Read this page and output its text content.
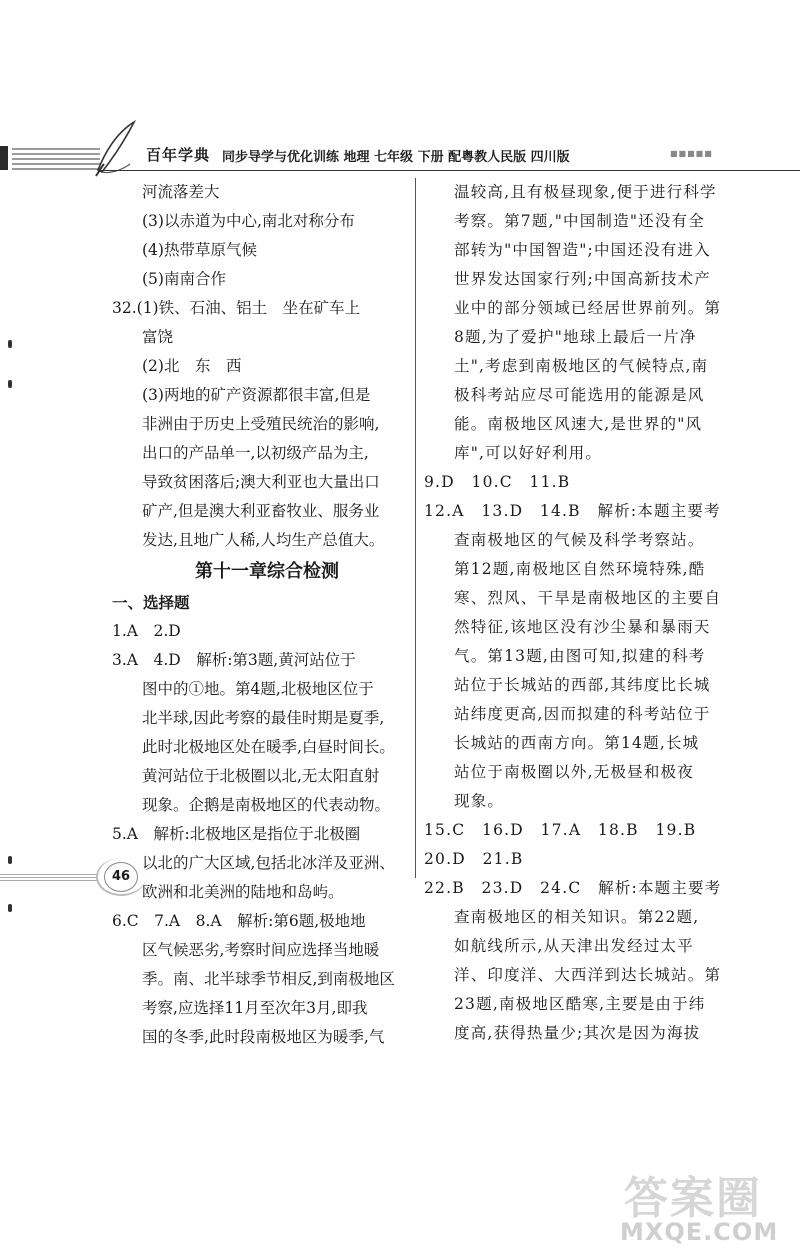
百年学典 同步导学与优化训练 地理 七年级 下册 配粤教人民版 四川版	■■■■■
河流落差大
(3)以赤道为中心,南北对称分布
(4)热带草原气候
(5)南南合作
32.(1)铁、石油、铝土　坐在矿车上
富饶
(2)北　东　西
(3)两地的矿产资源都很丰富,但是
非洲由于历史上受殖民统治的影响,
出口的产品单一,以初级产品为主,
导致贫困落后;澳大利亚也大量出口
矿产,但是澳大利亚畜牧业、服务业
发达,且地广人稀,人均生产总值大。
第十一章综合检测
一、选择题
1.A　2.D
3.A　4.D　解析:第3题,黄河站位于
图中的①地。第4题,北极地区位于
北半球,因此考察的最佳时期是夏季,
此时北极地区处在暖季,白昼时间长。
黄河站位于北极圈以北,无太阳直射
现象。企鹅是南极地区的代表动物。
5.A　解析:北极地区是指位于北极圈
以北的广大区域,包括北冰洋及亚洲、
欧洲和北美洲的陆地和岛屿。
6.C　7.A　8.A　解析:第6题,极地地
区气候恶劣,考察时间应选择当地暖
季。南、北半球季节相反,到南极地区
考察,应选择11月至次年3月,即我
国的冬季,此时段南极地区为暖季,气
温较高,且有极昼现象,便于进行科学
考察。第7题,"中国制造"还没有全
部转为"中国智造";中国还没有进入
世界发达国家行列;中国高新技术产
业中的部分领域已经居世界前列。第
8题,为了爱护"地球上最后一片净
土",考虑到南极地区的气候特点,南
极科考站应尽可能选用的能源是风
能。南极地区风速大,是世界的"风
库",可以好好利用。
9.D　10.C　11.B
12.A　13.D　14.B　解析:本题主要考
查南极地区的气候及科学考察站。
第12题,南极地区自然环境特殊,酷
寒、烈风、干旱是南极地区的主要自
然特征,该地区没有沙尘暴和暴雨天
气。第13题,由图可知,拟建的科考
站位于长城站的西部,其纬度比长城
站纬度更高,因而拟建的科考站位于
长城站的西南方向。第14题,长城
站位于南极圈以外,无极昼和极夜
现象。
15.C　16.D　17.A　18.B　19.B
20.D　21.B
22.B　23.D　24.C　解析:本题主要考
查南极地区的相关知识。第22题,
如航线所示,从天津出发经过太平
洋、印度洋、大西洋到达长城站。第
23题,南极地区酷寒,主要是由于纬
度高,获得热量少;其次是因为海拔
46
答案圈
MXQE.COM
